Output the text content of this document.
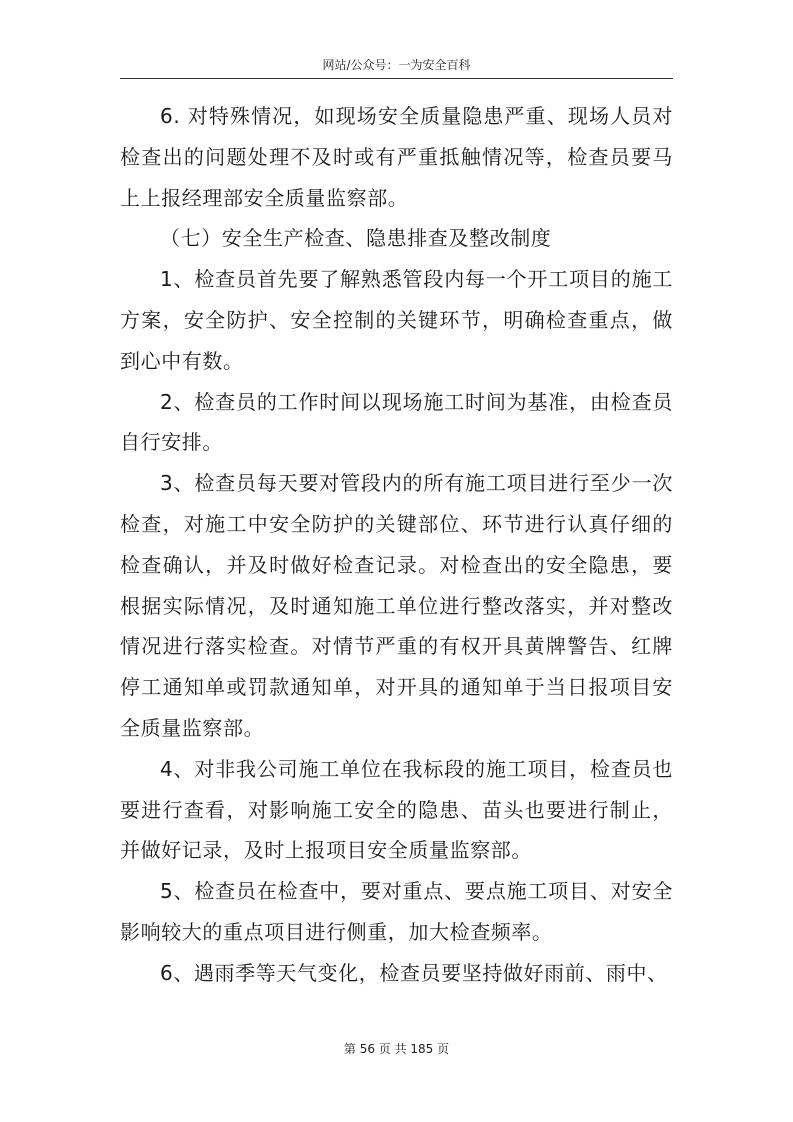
网站/公众号：一为安全百科

6. 对特殊情况，如现场安全质量隐患严重、现场人员对检查出的问题处理不及时或有严重抵触情况等，检查员要马上上报经理部安全质量监察部。

（七）安全生产检查、隐患排查及整改制度

1、检查员首先要了解熟悉管段内每一个开工项目的施工方案，安全防护、安全控制的关键环节，明确检查重点，做到心中有数。

2、检查员的工作时间以现场施工时间为基准，由检查员自行安排。

3、检查员每天要对管段内的所有施工项目进行至少一次检查，对施工中安全防护的关键部位、环节进行认真仔细的检查确认，并及时做好检查记录。对检查出的安全隐患，要根据实际情况，及时通知施工单位进行整改落实，并对整改情况进行落实检查。对情节严重的有权开具黄牌警告、红牌停工通知单或罚款通知单，对开具的通知单于当日报项目安全质量监察部。

4、对非我公司施工单位在我标段的施工项目，检查员也要进行查看，对影响施工安全的隐患、苗头也要进行制止，并做好记录，及时上报项目安全质量监察部。

5、检查员在检查中，要对重点、要点施工项目、对安全影响较大的重点项目进行侧重，加大检查频率。

6、遇雨季等天气变化，检查员要坚持做好雨前、雨中、

第 56 页 共 185 页
